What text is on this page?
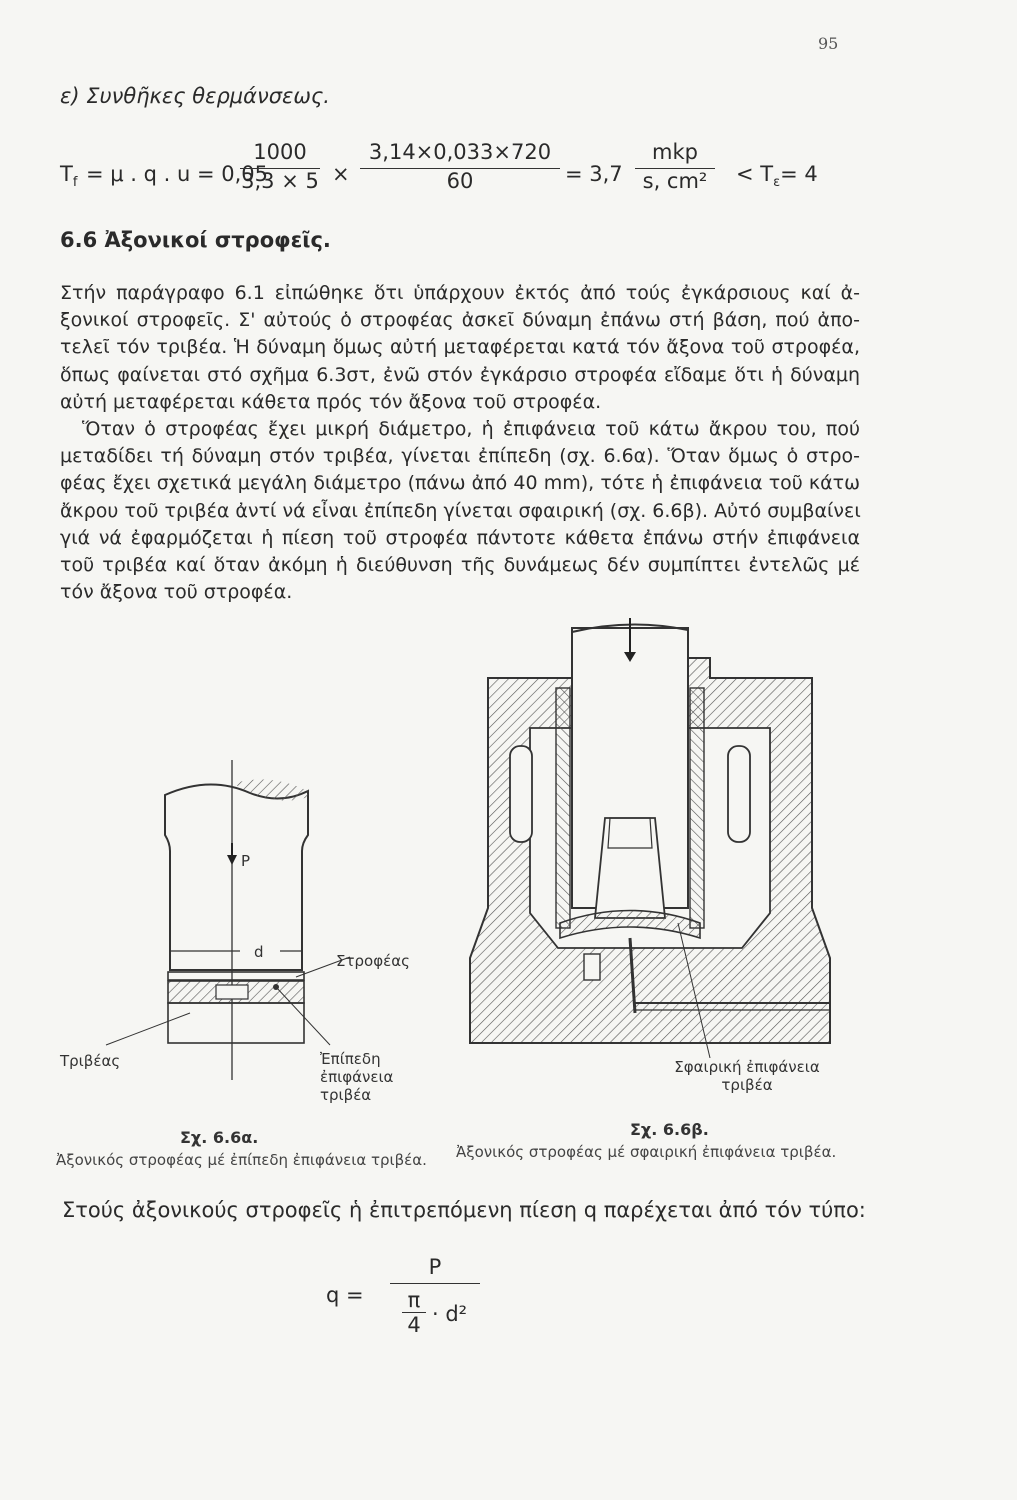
95
ε) Συνθῆκες θερμάνσεως.
$T_f = \mu$ . q . u = 0,05
1000
3,3 × 5 ×
3,14×0,033×720
60	= 3,7
mkp
s, cm²	< $T_\varepsilon= 4$
6.6 Ἀξονικοί στροφεῖς.
Στήν παράγραφο 6.1 εἰπώθηκε ὅτι ὑπάρχουν ἐκτός ἀπό τούς ἐγκάρσιους καί ἀ-
ξονικοί στροφεῖς. Σ' αὐτούς ὁ στροφέας ἀσκεῖ δύναμη ἐπάνω στή βάση, πού ἀπο-
τελεῖ τόν τριβέα. Ἡ δύναμη ὅμως αὐτή μεταφέρεται κατά τόν ἄξονα τοῦ στροφέα,
ὅπως φαίνεται στό σχῆμα 6.3στ, ἐνῶ στόν ἐγκάρσιο στροφέα εἴδαμε ὅτι ἡ δύναμη
αὐτή μεταφέρεται κάθετα πρός τόν ἄξονα τοῦ στροφέα.
Ὅταν ὁ στροφέας ἔχει μικρή διάμετρο, ἡ ἐπιφάνεια τοῦ κάτω ἄκρου του, πού
μεταδίδει τή δύναμη στόν τριβέα, γίνεται ἐπίπεδη (σχ. 6.6α). Ὅταν ὅμως ὁ στρο-
φέας ἔχει σχετικά μεγάλη διάμετρο (πάνω ἀπό 40 mm), τότε ἡ ἐπιφάνεια τοῦ κάτω
ἄκρου τοῦ τριβέα ἀντί νά εἶναι ἐπίπεδη γίνεται σφαιρική (σχ. 6.6β). Αὐτό συμβαίνει
γιά νά ἐφαρμόζεται ἡ πίεση τοῦ στροφέα πάντοτε κάθετα ἐπάνω στήν ἐπιφάνεια
τοῦ τριβέα καί ὅταν ἀκόμη ἡ διεύθυνση τῆς δυνάμεως δέν συμπίπτει ἐντελῶς μέ
τόν ἄξονα τοῦ στροφέα.
P
d	Στροφέας
Τριβέας	Ἐπίπεδη
ἐπιφάνεια
τριβέα
Σχ. 6.6α.
Ἀξονικός στροφέας μέ ἐπίπεδη ἐπιφάνεια τριβέα.
Σφαιρική ἐπιφάνεια
τριβέα
Σχ. 6.6β.
Ἀξονικός στροφέας μέ σφαιρική ἐπιφάνεια τριβέα.
Στούς ἀξονικούς στροφεῖς ἡ ἐπιτρεπόμενη πίεση q παρέχεται ἀπό τόν τύπο:
q =
P
π
4 · d²
